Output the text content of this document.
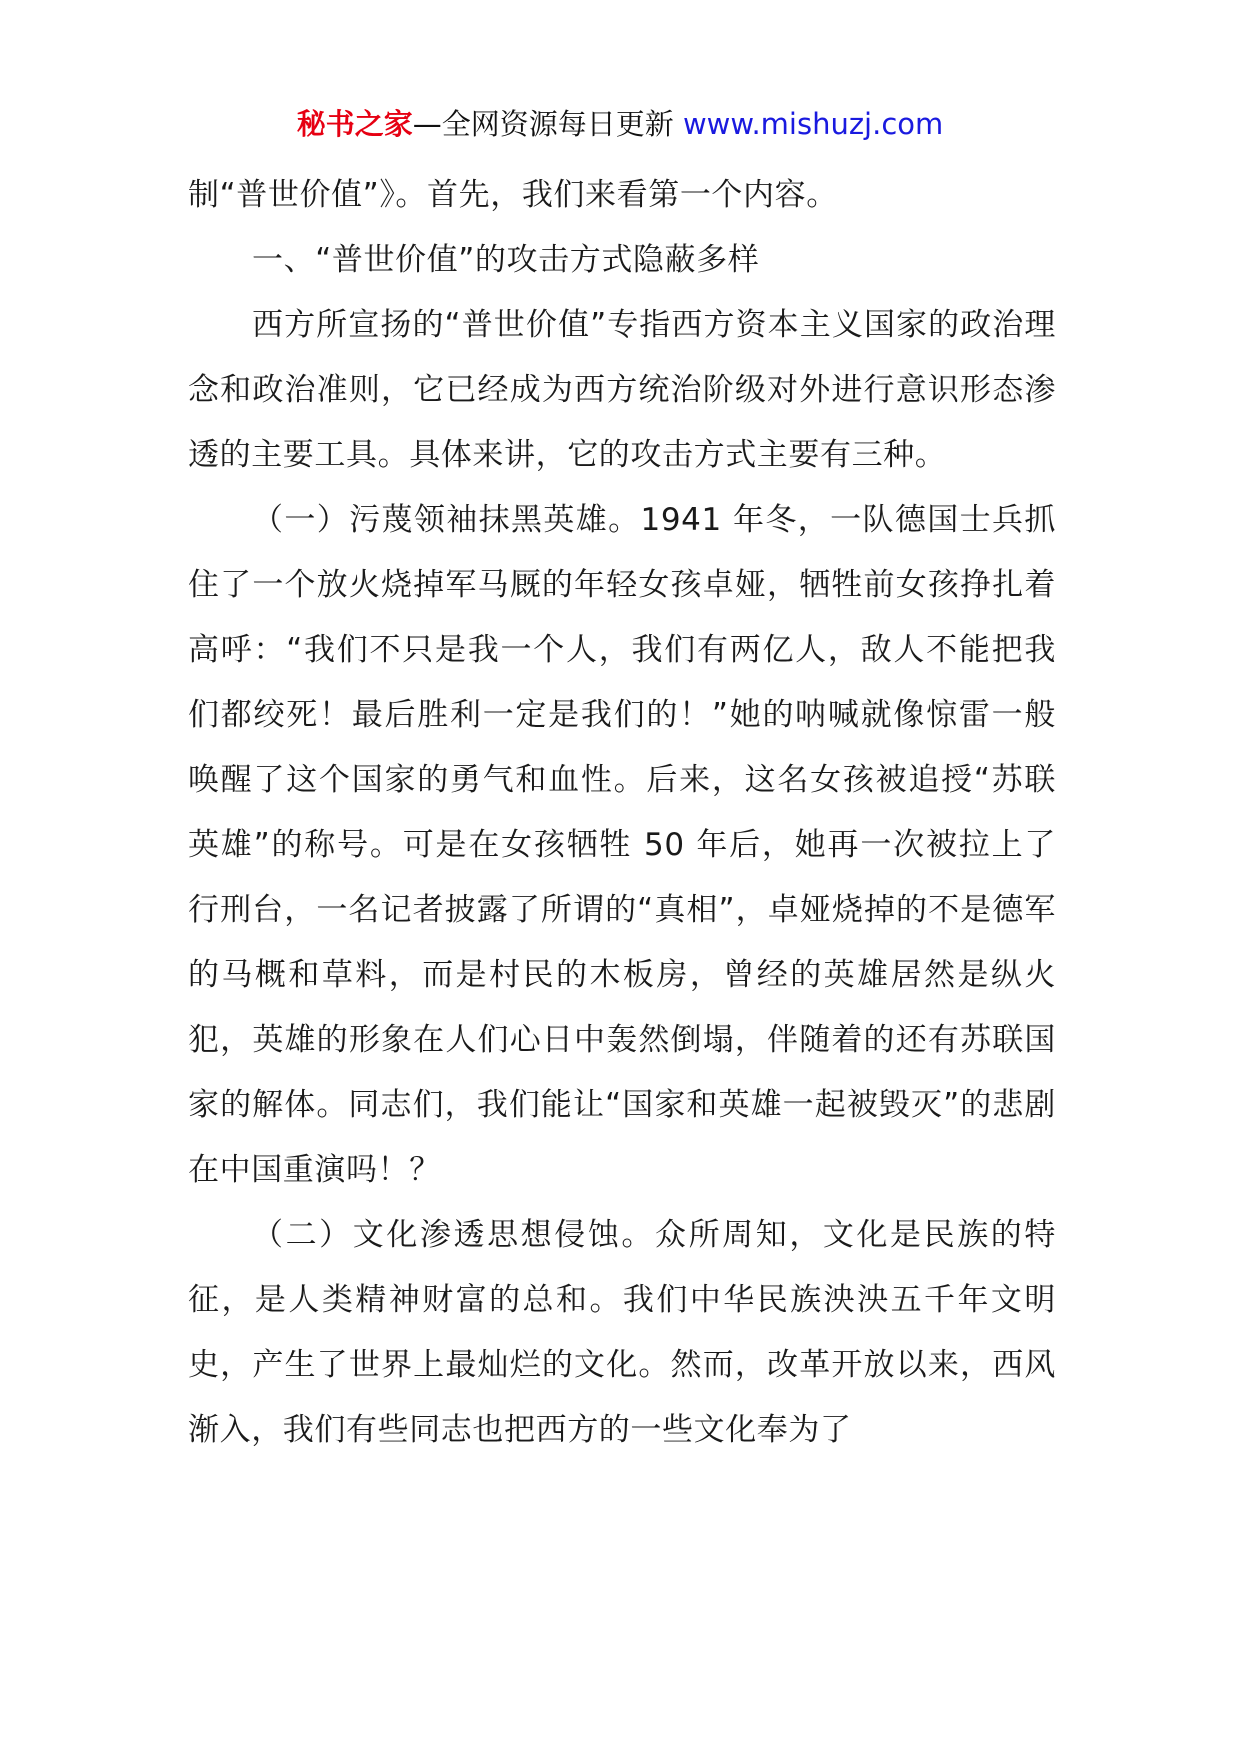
秘书之家—全网资源每日更新 www.mishuzj.com

制“普世价值”》。首先，我们来看第一个内容。

一、“普世价值”的攻击方式隐蔽多样

西方所宣扬的“普世价值”专指西方资本主义国家的政治理念和政治准则，它已经成为西方统治阶级对外进行意识形态渗透的主要工具。具体来讲，它的攻击方式主要有三种。

（一）污蔑领袖抹黑英雄。1941 年冬，一队德国士兵抓住了一个放火烧掉军马厩的年轻女孩卓娅，牺牲前女孩挣扎着高呼：“我们不只是我一个人，我们有两亿人，敌人不能把我们都绞死！最后胜利一定是我们的！”她的呐喊就像惊雷一般唤醒了这个国家的勇气和血性。后来，这名女孩被追授“苏联英雄”的称号。可是在女孩牺牲 50 年后，她再一次被拉上了行刑台，一名记者披露了所谓的“真相”，卓娅烧掉的不是德军的马概和草料，而是村民的木板房，曾经的英雄居然是纵火犯，英雄的形象在人们心日中轰然倒塌，伴随着的还有苏联国家的解体。同志们，我们能让“国家和英雄一起被毁灭”的悲剧在中国重演吗！？

（二）文化渗透思想侵蚀。众所周知，文化是民族的特征，是人类精神财富的总和。我们中华民族泱泱五千年文明史，产生了世界上最灿烂的文化。然而，改革开放以来，西风渐入，我们有些同志也把西方的一些文化奉为了
